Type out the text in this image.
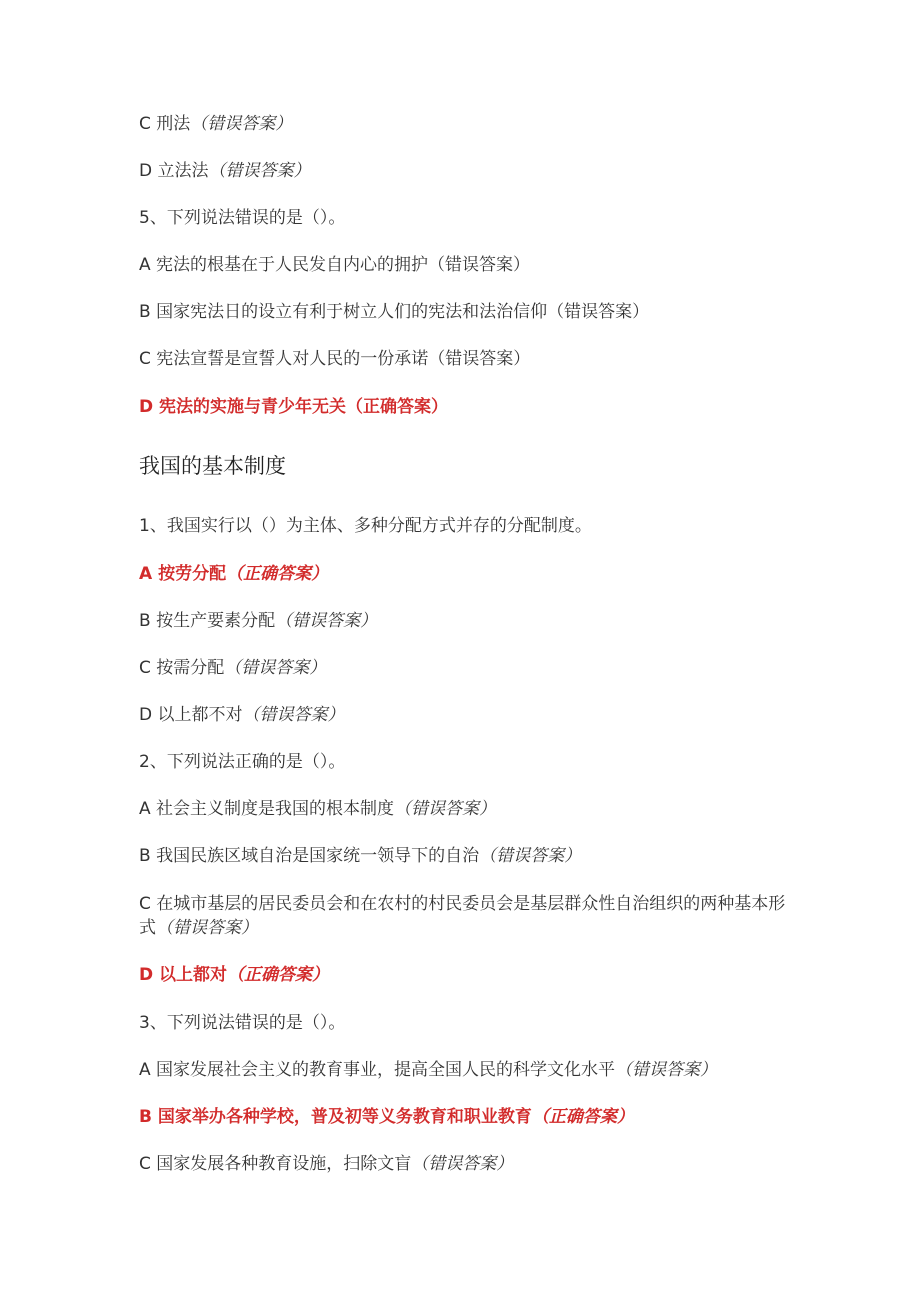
C 刑法（错误答案）
D 立法法（错误答案）
5、下列说法错误的是（）。
A 宪法的根基在于人民发自内心的拥护（错误答案）
B 国家宪法日的设立有利于树立人们的宪法和法治信仰（错误答案）
C 宪法宣誓是宣誓人对人民的一份承诺（错误答案）
D 宪法的实施与青少年无关（正确答案）
我国的基本制度
1、我国实行以（）为主体、多种分配方式并存的分配制度。
A 按劳分配（正确答案）
B 按生产要素分配（错误答案）
C 按需分配（错误答案）
D 以上都不对（错误答案）
2、下列说法正确的是（）。
A 社会主义制度是我国的根本制度（错误答案）
B 我国民族区域自治是国家统一领导下的自治（错误答案）
C 在城市基层的居民委员会和在农村的村民委员会是基层群众性自治组织的两种基本形式（错误答案）
D 以上都对（正确答案）
3、下列说法错误的是（）。
A 国家发展社会主义的教育事业，提高全国人民的科学文化水平（错误答案）
B 国家举办各种学校，普及初等义务教育和职业教育（正确答案）
C 国家发展各种教育设施，扫除文盲（错误答案）
